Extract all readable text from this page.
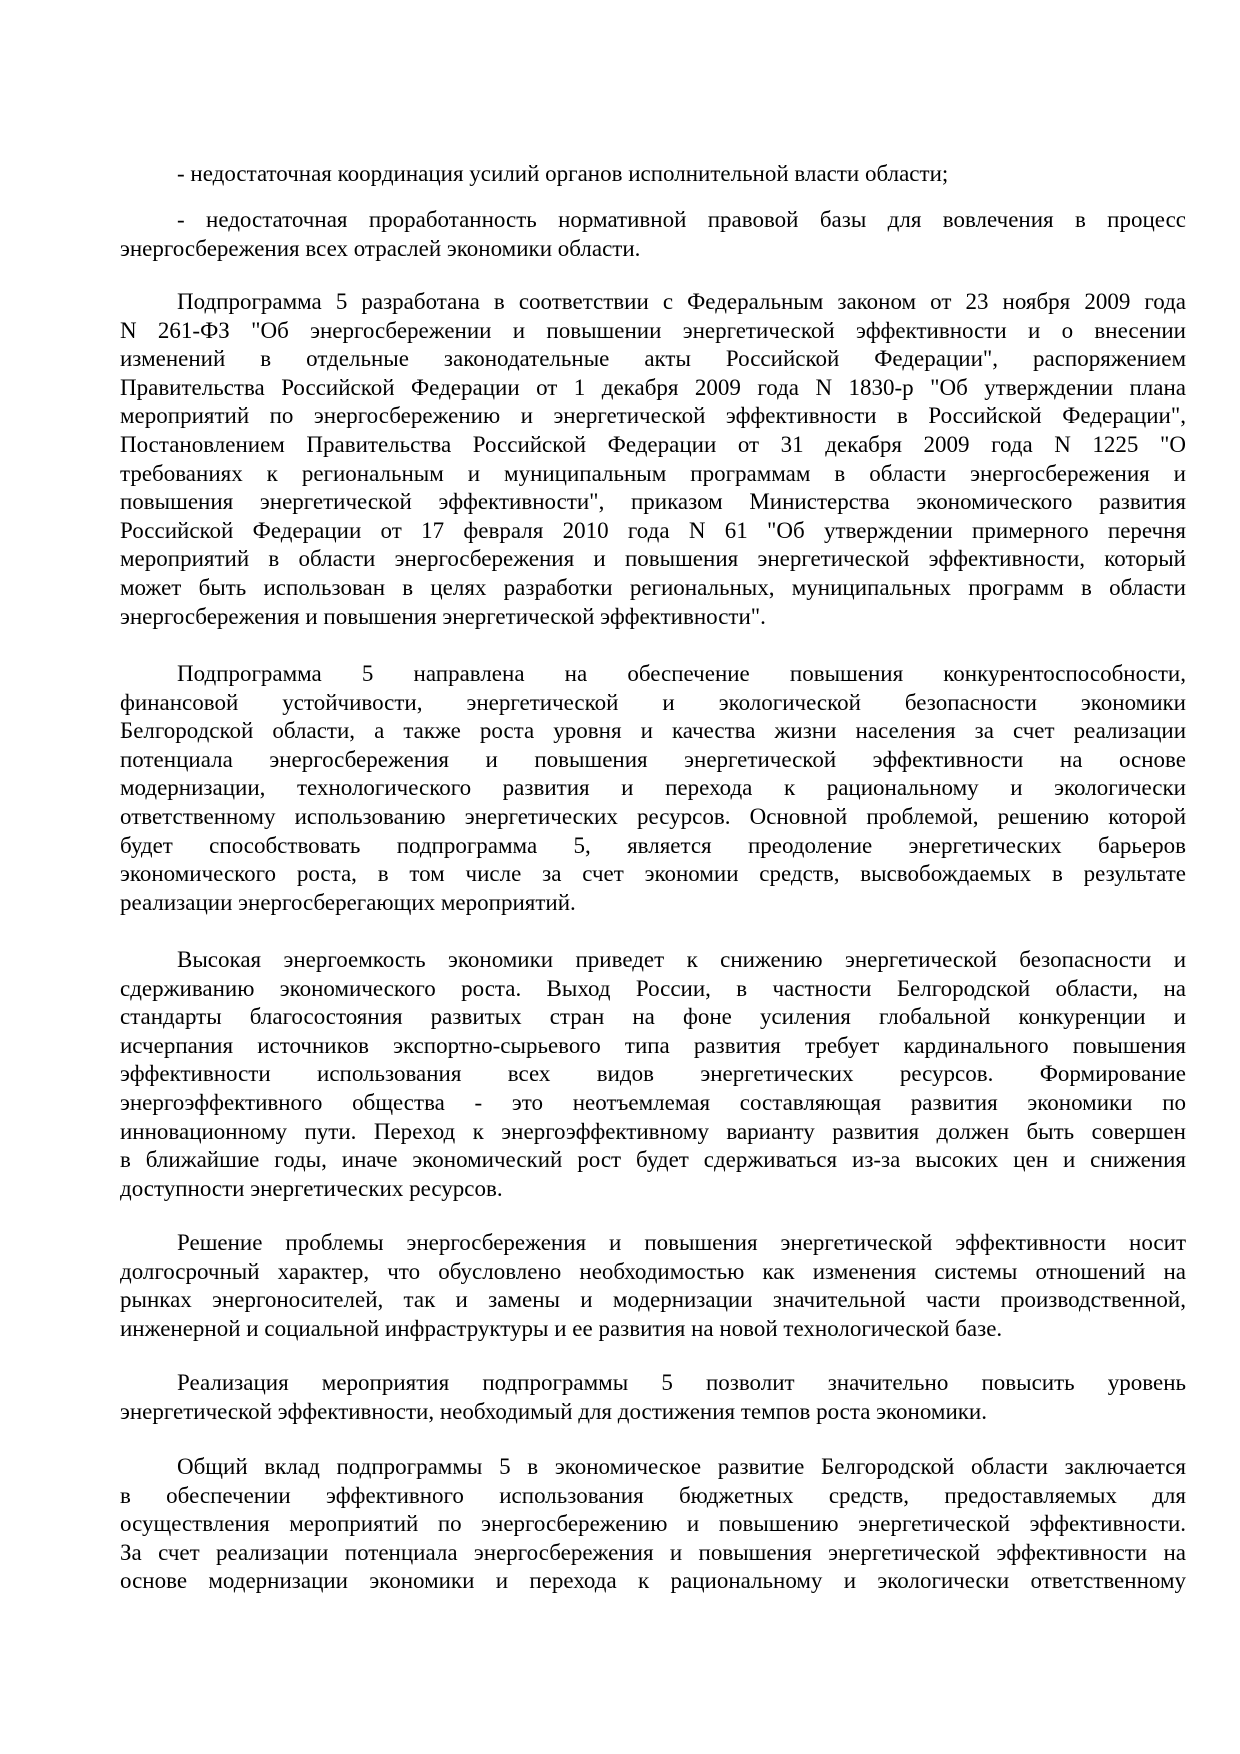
- недостаточная координация усилий органов исполнительной власти области;
- недостаточная проработанность нормативной правовой базы для вовлечения в процесс
энергосбережения всех отраслей экономики области.
Подпрограмма 5 разработана в соответствии с Федеральным законом от 23 ноября 2009 года
N 261-ФЗ "Об энергосбережении и повышении энергетической эффективности и о внесении
изменений в отдельные законодательные акты Российской Федерации", распоряжением
Правительства Российской Федерации от 1 декабря 2009 года N 1830-р "Об утверждении плана
мероприятий по энергосбережению и энергетической эффективности в Российской Федерации",
Постановлением Правительства Российской Федерации от 31 декабря 2009 года N 1225 "О
требованиях к региональным и муниципальным программам в области энергосбережения и
повышения энергетической эффективности", приказом Министерства экономического развития
Российской Федерации от 17 февраля 2010 года N 61 "Об утверждении примерного перечня
мероприятий в области энергосбережения и повышения энергетической эффективности, который
может быть использован в целях разработки региональных, муниципальных программ в области
энергосбережения и повышения энергетической эффективности".
Подпрограмма 5 направлена на обеспечение повышения конкурентоспособности,
финансовой устойчивости, энергетической и экологической безопасности экономики
Белгородской области, а также роста уровня и качества жизни населения за счет реализации
потенциала энергосбережения и повышения энергетической эффективности на основе
модернизации, технологического развития и перехода к рациональному и экологически
ответственному использованию энергетических ресурсов. Основной проблемой, решению которой
будет способствовать подпрограмма 5, является преодоление энергетических барьеров
экономического роста, в том числе за счет экономии средств, высвобождаемых в результате
реализации энергосберегающих мероприятий.
Высокая энергоемкость экономики приведет к снижению энергетической безопасности и
сдерживанию экономического роста. Выход России, в частности Белгородской области, на
стандарты благосостояния развитых стран на фоне усиления глобальной конкуренции и
исчерпания источников экспортно-сырьевого типа развития требует кардинального повышения
эффективности использования всех видов энергетических ресурсов. Формирование
энергоэффективного общества - это неотъемлемая составляющая развития экономики по
инновационному пути. Переход к энергоэффективному варианту развития должен быть совершен
в ближайшие годы, иначе экономический рост будет сдерживаться из-за высоких цен и снижения
доступности энергетических ресурсов.
Решение проблемы энергосбережения и повышения энергетической эффективности носит
долгосрочный характер, что обусловлено необходимостью как изменения системы отношений на
рынках энергоносителей, так и замены и модернизации значительной части производственной,
инженерной и социальной инфраструктуры и ее развития на новой технологической базе.
Реализация мероприятия подпрограммы 5 позволит значительно повысить уровень
энергетической эффективности, необходимый для достижения темпов роста экономики.
Общий вклад подпрограммы 5 в экономическое развитие Белгородской области заключается
в обеспечении эффективного использования бюджетных средств, предоставляемых для
осуществления мероприятий по энергосбережению и повышению энергетической эффективности.
За счет реализации потенциала энергосбережения и повышения энергетической эффективности на
основе модернизации экономики и перехода к рациональному и экологически ответственному
